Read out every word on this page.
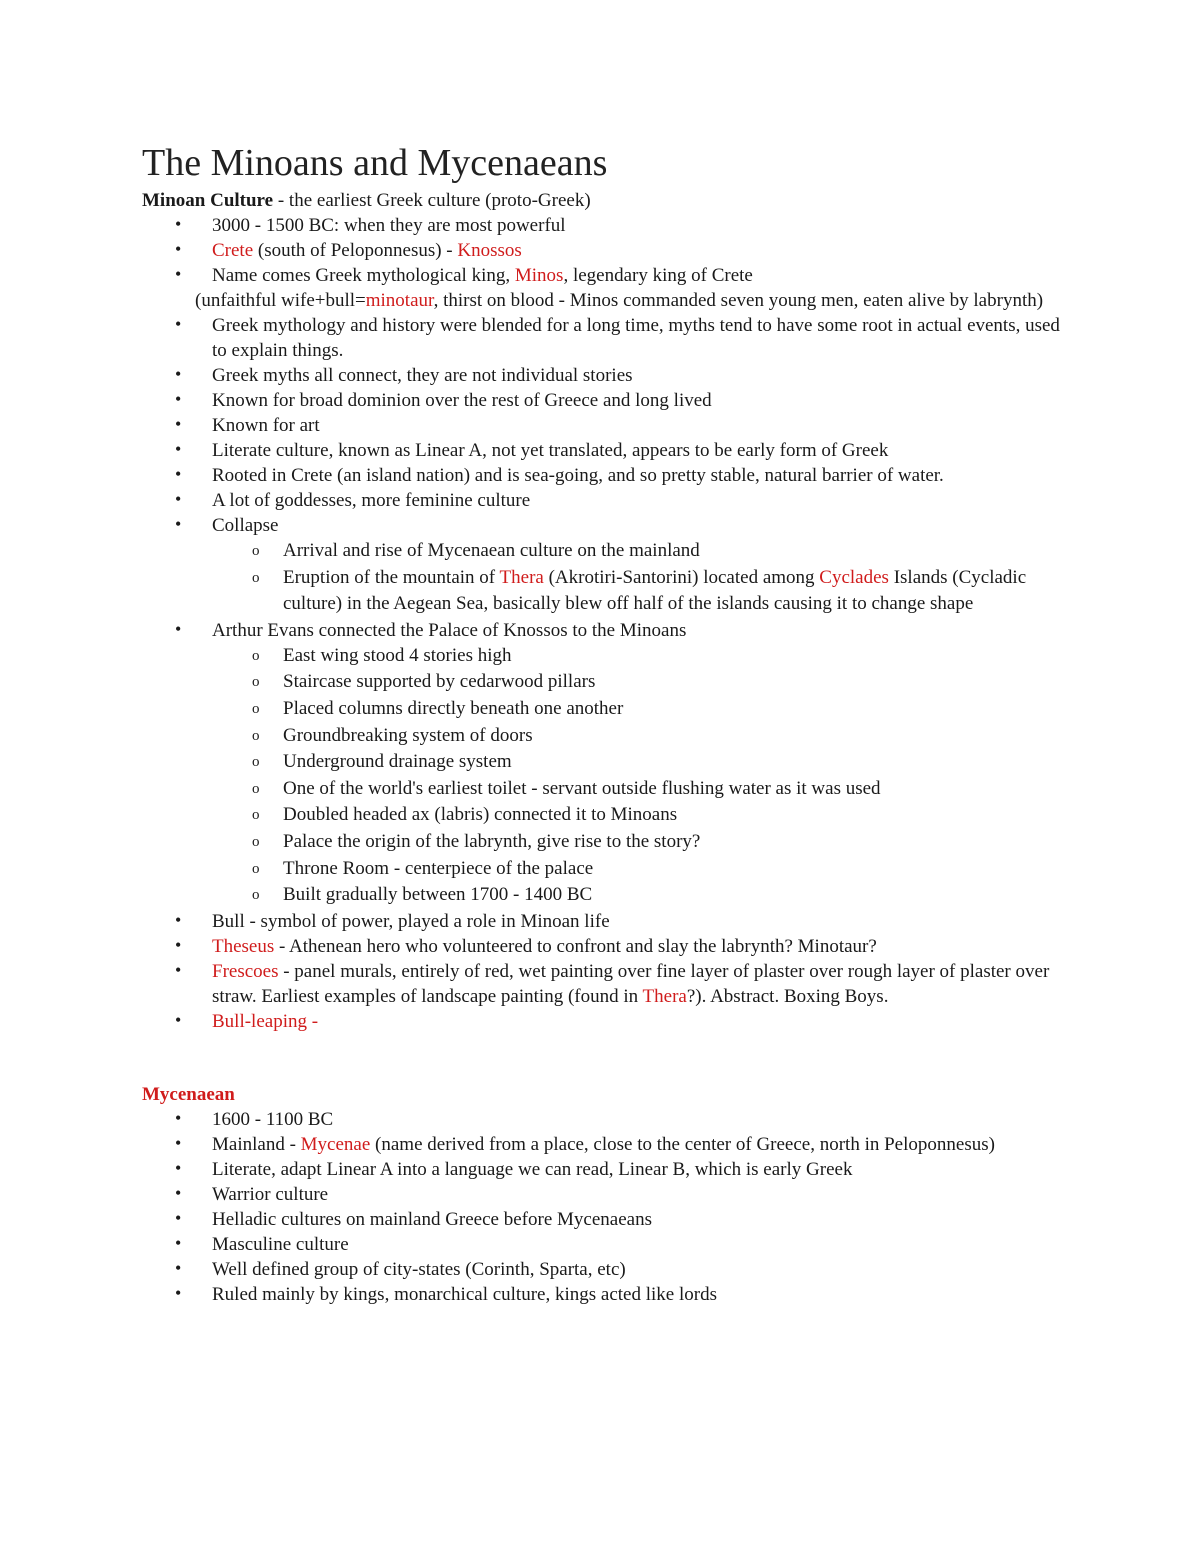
The Minoans and Mycenaeans

Minoan Culture - the earliest Greek culture (proto-Greek)

• 3000 - 1500 BC: when they are most powerful
• Crete (south of Peloponnesus) - Knossos
• Name comes Greek mythological king, Minos, legendary king of Crete
(unfaithful wife+bull=minotaur, thirst on blood - Minos commanded seven young men, eaten alive by labrynth)
• Greek mythology and history were blended for a long time, myths tend to have some root in actual events, used to explain things.
• Greek myths all connect, they are not individual stories
• Known for broad dominion over the rest of Greece and long lived
• Known for art
• Literate culture, known as Linear A, not yet translated, appears to be early form of Greek
• Rooted in Crete (an island nation) and is sea-going, and so pretty stable, natural barrier of water.
• A lot of goddesses, more feminine culture
• Collapse
o Arrival and rise of Mycenaean culture on the mainland
o Eruption of the mountain of Thera (Akrotiri-Santorini) located among Cyclades Islands (Cycladic culture) in the Aegean Sea, basically blew off half of the islands causing it to change shape
• Arthur Evans connected the Palace of Knossos to the Minoans
o East wing stood 4 stories high
o Staircase supported by cedarwood pillars
o Placed columns directly beneath one another
o Groundbreaking system of doors
o Underground drainage system
o One of the world's earliest toilet - servant outside flushing water as it was used
o Doubled headed ax (labris) connected it to Minoans
o Palace the origin of the labrynth, give rise to the story?
o Throne Room - centerpiece of the palace
o Built gradually between 1700 - 1400 BC
• Bull - symbol of power, played a role in Minoan life
• Theseus - Athenean hero who volunteered to confront and slay the labrynth? Minotaur?
• Frescoes - panel murals, entirely of red, wet painting over fine layer of plaster over rough layer of plaster over straw. Earliest examples of landscape painting (found in Thera?). Abstract. Boxing Boys.
• Bull-leaping -

Mycenaean

• 1600 - 1100 BC
• Mainland - Mycenae (name derived from a place, close to the center of Greece, north in Peloponnesus)
• Literate, adapt Linear A into a language we can read, Linear B, which is early Greek
• Warrior culture
• Helladic cultures on mainland Greece before Mycenaeans
• Masculine culture
• Well defined group of city-states (Corinth, Sparta, etc)
• Ruled mainly by kings, monarchical culture, kings acted like lords
